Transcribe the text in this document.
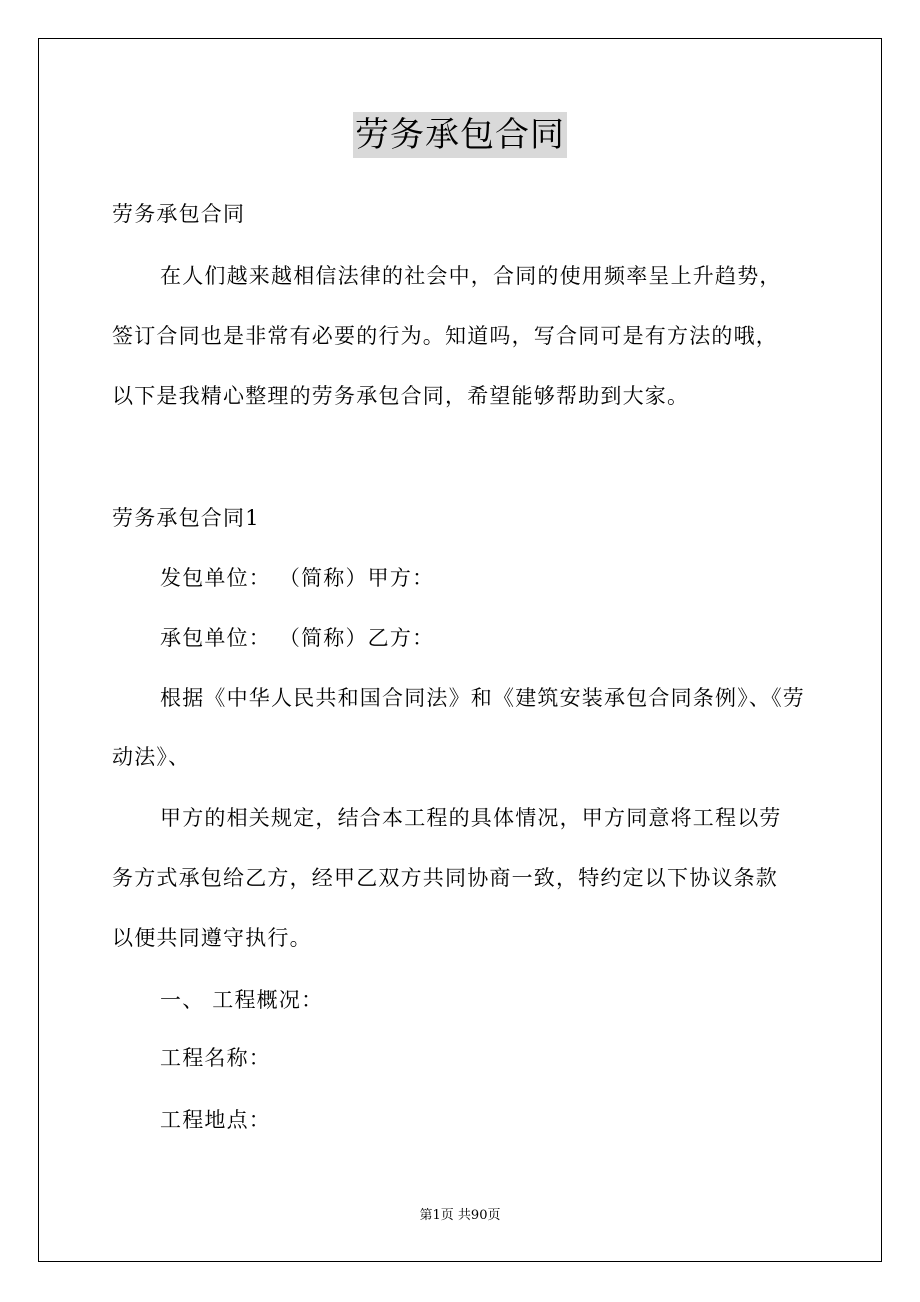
劳务承包合同
劳务承包合同
在人们越来越相信法律的社会中，合同的使用频率呈上升趋势，
签订合同也是非常有必要的行为。知道吗，写合同可是有方法的哦，
以下是我精心整理的劳务承包合同，希望能够帮助到大家。
劳务承包合同1
发包单位： （简称）甲方：
承包单位： （简称）乙方：
根据《中华人民共和国合同法》和《建筑安装承包合同条例》、《劳
动法》、
甲方的相关规定，结合本工程的具体情况，甲方同意将工程以劳
务方式承包给乙方，经甲乙双方共同协商一致，特约定以下协议条款
以便共同遵守执行。
一、 工程概况：
工程名称：
工程地点：
第1页 共90页
